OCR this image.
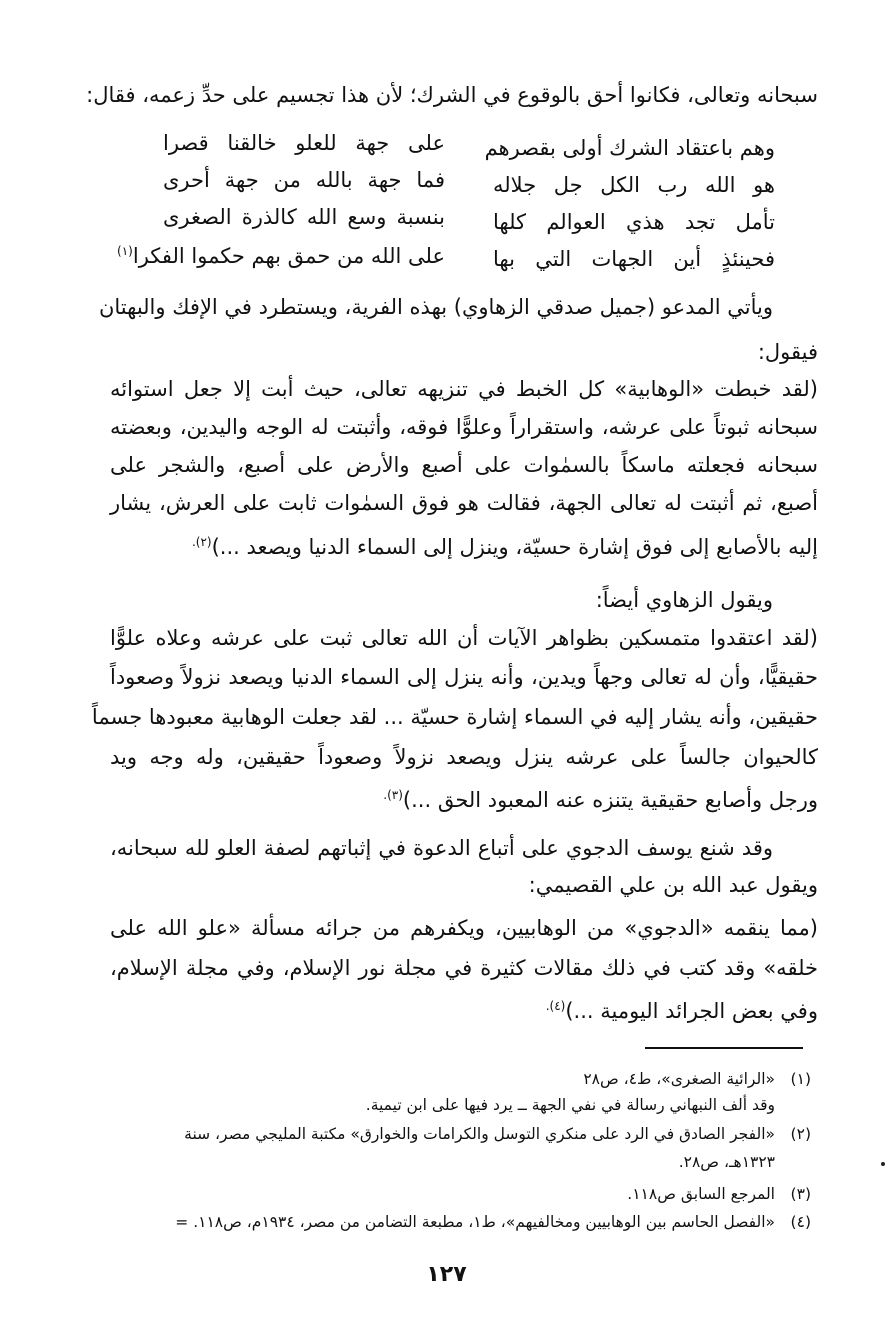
سبحانه وتعالى، فكانوا أحق بالوقوع في الشرك؛ لأن هذا تجسيم على حدِّ زعمه، فقال:
وهم باعتقاد الشرك أولى بقصرهم
على جهة للعلو خالقنا قصرا
هو الله رب الكل جل جلاله
فما جهة بالله من جهة أحرى
تأمل تجد هذي العوالم كلها
بنسبة وسع الله كالذرة الصغرى
فحينئذٍ أين الجهات التي بها
على الله من حمق بهم حكموا الفكرا$^{(١)}$
ويأتي المدعو (جميل صدقي الزهاوي) بهذه الفرية، ويستطرد في الإفك والبهتان
فيقول:
(لقد خبطت «الوهابية» كل الخبط في تنزيهه تعالى، حيث أبت إلا جعل استوائه
سبحانه ثبوتاً على عرشه، واستقراراً وعلوًّا فوقه، وأثبتت له الوجه واليدين، وبعضته
سبحانه فجعلته ماسكاً بالسمٰوات على أصبع والأرض على أصبع، والشجر على
أصبع، ثم أثبتت له تعالى الجهة، فقالت هو فوق السمٰوات ثابت على العرش، يشار
إليه بالأصابع إلى فوق إشارة حسيّة، وينزل إلى السماء الدنيا ويصعد ...)$^{(٢).}$
ويقول الزهاوي أيضاً:
(لقد اعتقدوا متمسكين بظواهر الآيات أن الله تعالى ثبت على عرشه وعلاه علوًّا
حقيقيًّا، وأن له تعالى وجهاً ويدين، وأنه ينزل إلى السماء الدنيا ويصعد نزولاً وصعوداً
حقيقين، وأنه يشار إليه في السماء إشارة حسيّة ... لقد جعلت الوهابية معبودها جسماً
كالحيوان جالساً على عرشه ينزل ويصعد نزولاً وصعوداً حقيقين، وله وجه ويد
ورجل وأصابع حقيقية يتنزه عنه المعبود الحق ...)$^{(٣).}$
وقد شنع يوسف الدجوي على أتباع الدعوة في إثباتهم لصفة العلو لله سبحانه،
ويقول عبد الله بن علي القصيمي:
(مما ينقمه «الدجوي» من الوهابيين، ويكفرهم من جرائه مسألة «علو الله على
خلقه» وقد كتب في ذلك مقالات كثيرة في مجلة نور الإسلام، وفي مجلة الإسلام،
وفي بعض الجرائد اليومية ...)$^{(٤).}$
(١)«الرائية الصغرى»، ط٤، ص٢٨
وقد ألف النبهاني رسالة في نفي الجهة ــ يرد فيها على ابن تيمية.
(٢)«الفجر الصادق في الرد على منكري التوسل والكرامات والخوارق» مكتبة المليجي مصر، سنة
١٣٢٣هـ، ص٢٨.
(٣)المرجع السابق ص١١٨.
(٤)«الفصل الحاسم بين الوهابيين ومخالفيهم»، ط١، مطبعة التضامن من مصر، ١٩٣٤م، ص١١٨. =
١٢٧
